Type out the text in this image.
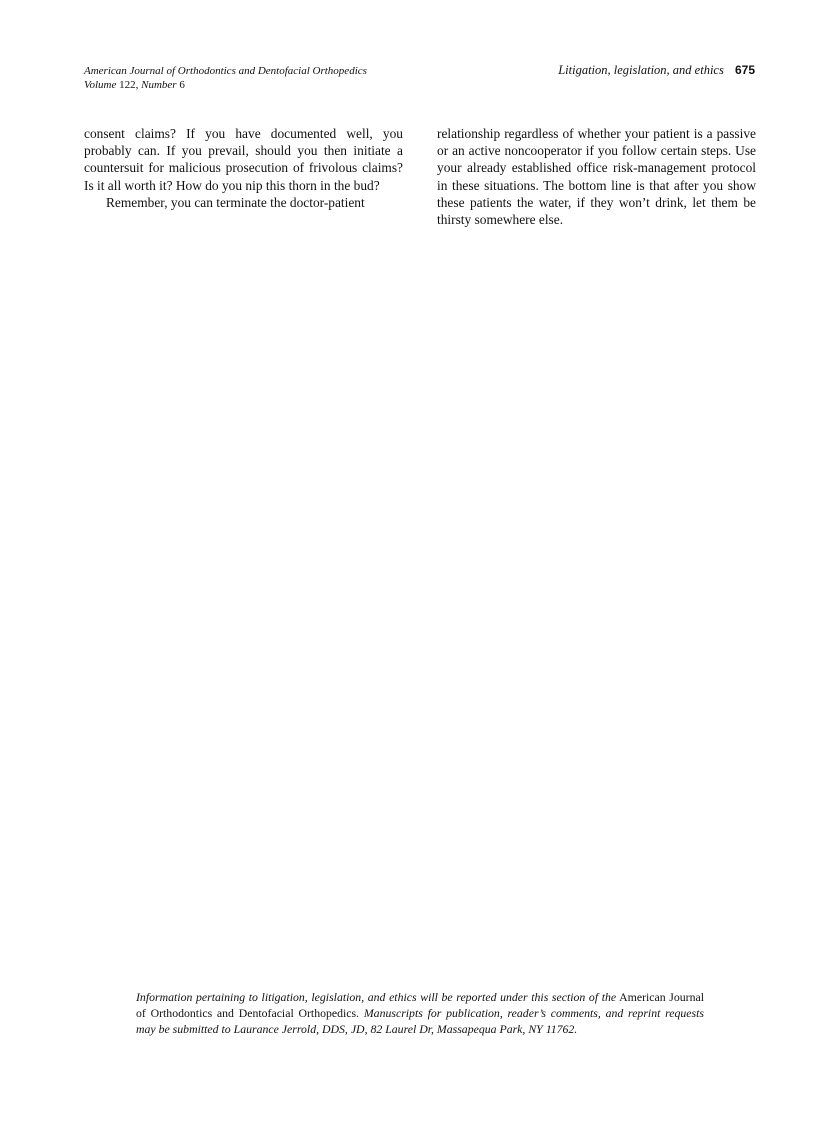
American Journal of Orthodontics and Dentofacial Orthopedics
Volume 122, Number 6
Litigation, legislation, and ethics 675

consent claims? If you have documented well, you probably can. If you prevail, should you then initiate a countersuit for malicious prosecution of frivolous claims? Is it all worth it? How do you nip this thorn in the bud?

Remember, you can terminate the doctor-patient

relationship regardless of whether your patient is a passive or an active noncooperator if you follow certain steps. Use your already established office risk-management protocol in these situations. The bottom line is that after you show these patients the water, if they won’t drink, let them be thirsty somewhere else.

Information pertaining to litigation, legislation, and ethics will be reported under this section of the American Journal of Orthodontics and Dentofacial Orthopedics. Manuscripts for publication, reader’s comments, and reprint requests may be submitted to Laurance Jerrold, DDS, JD, 82 Laurel Dr, Massapequa Park, NY 11762.
